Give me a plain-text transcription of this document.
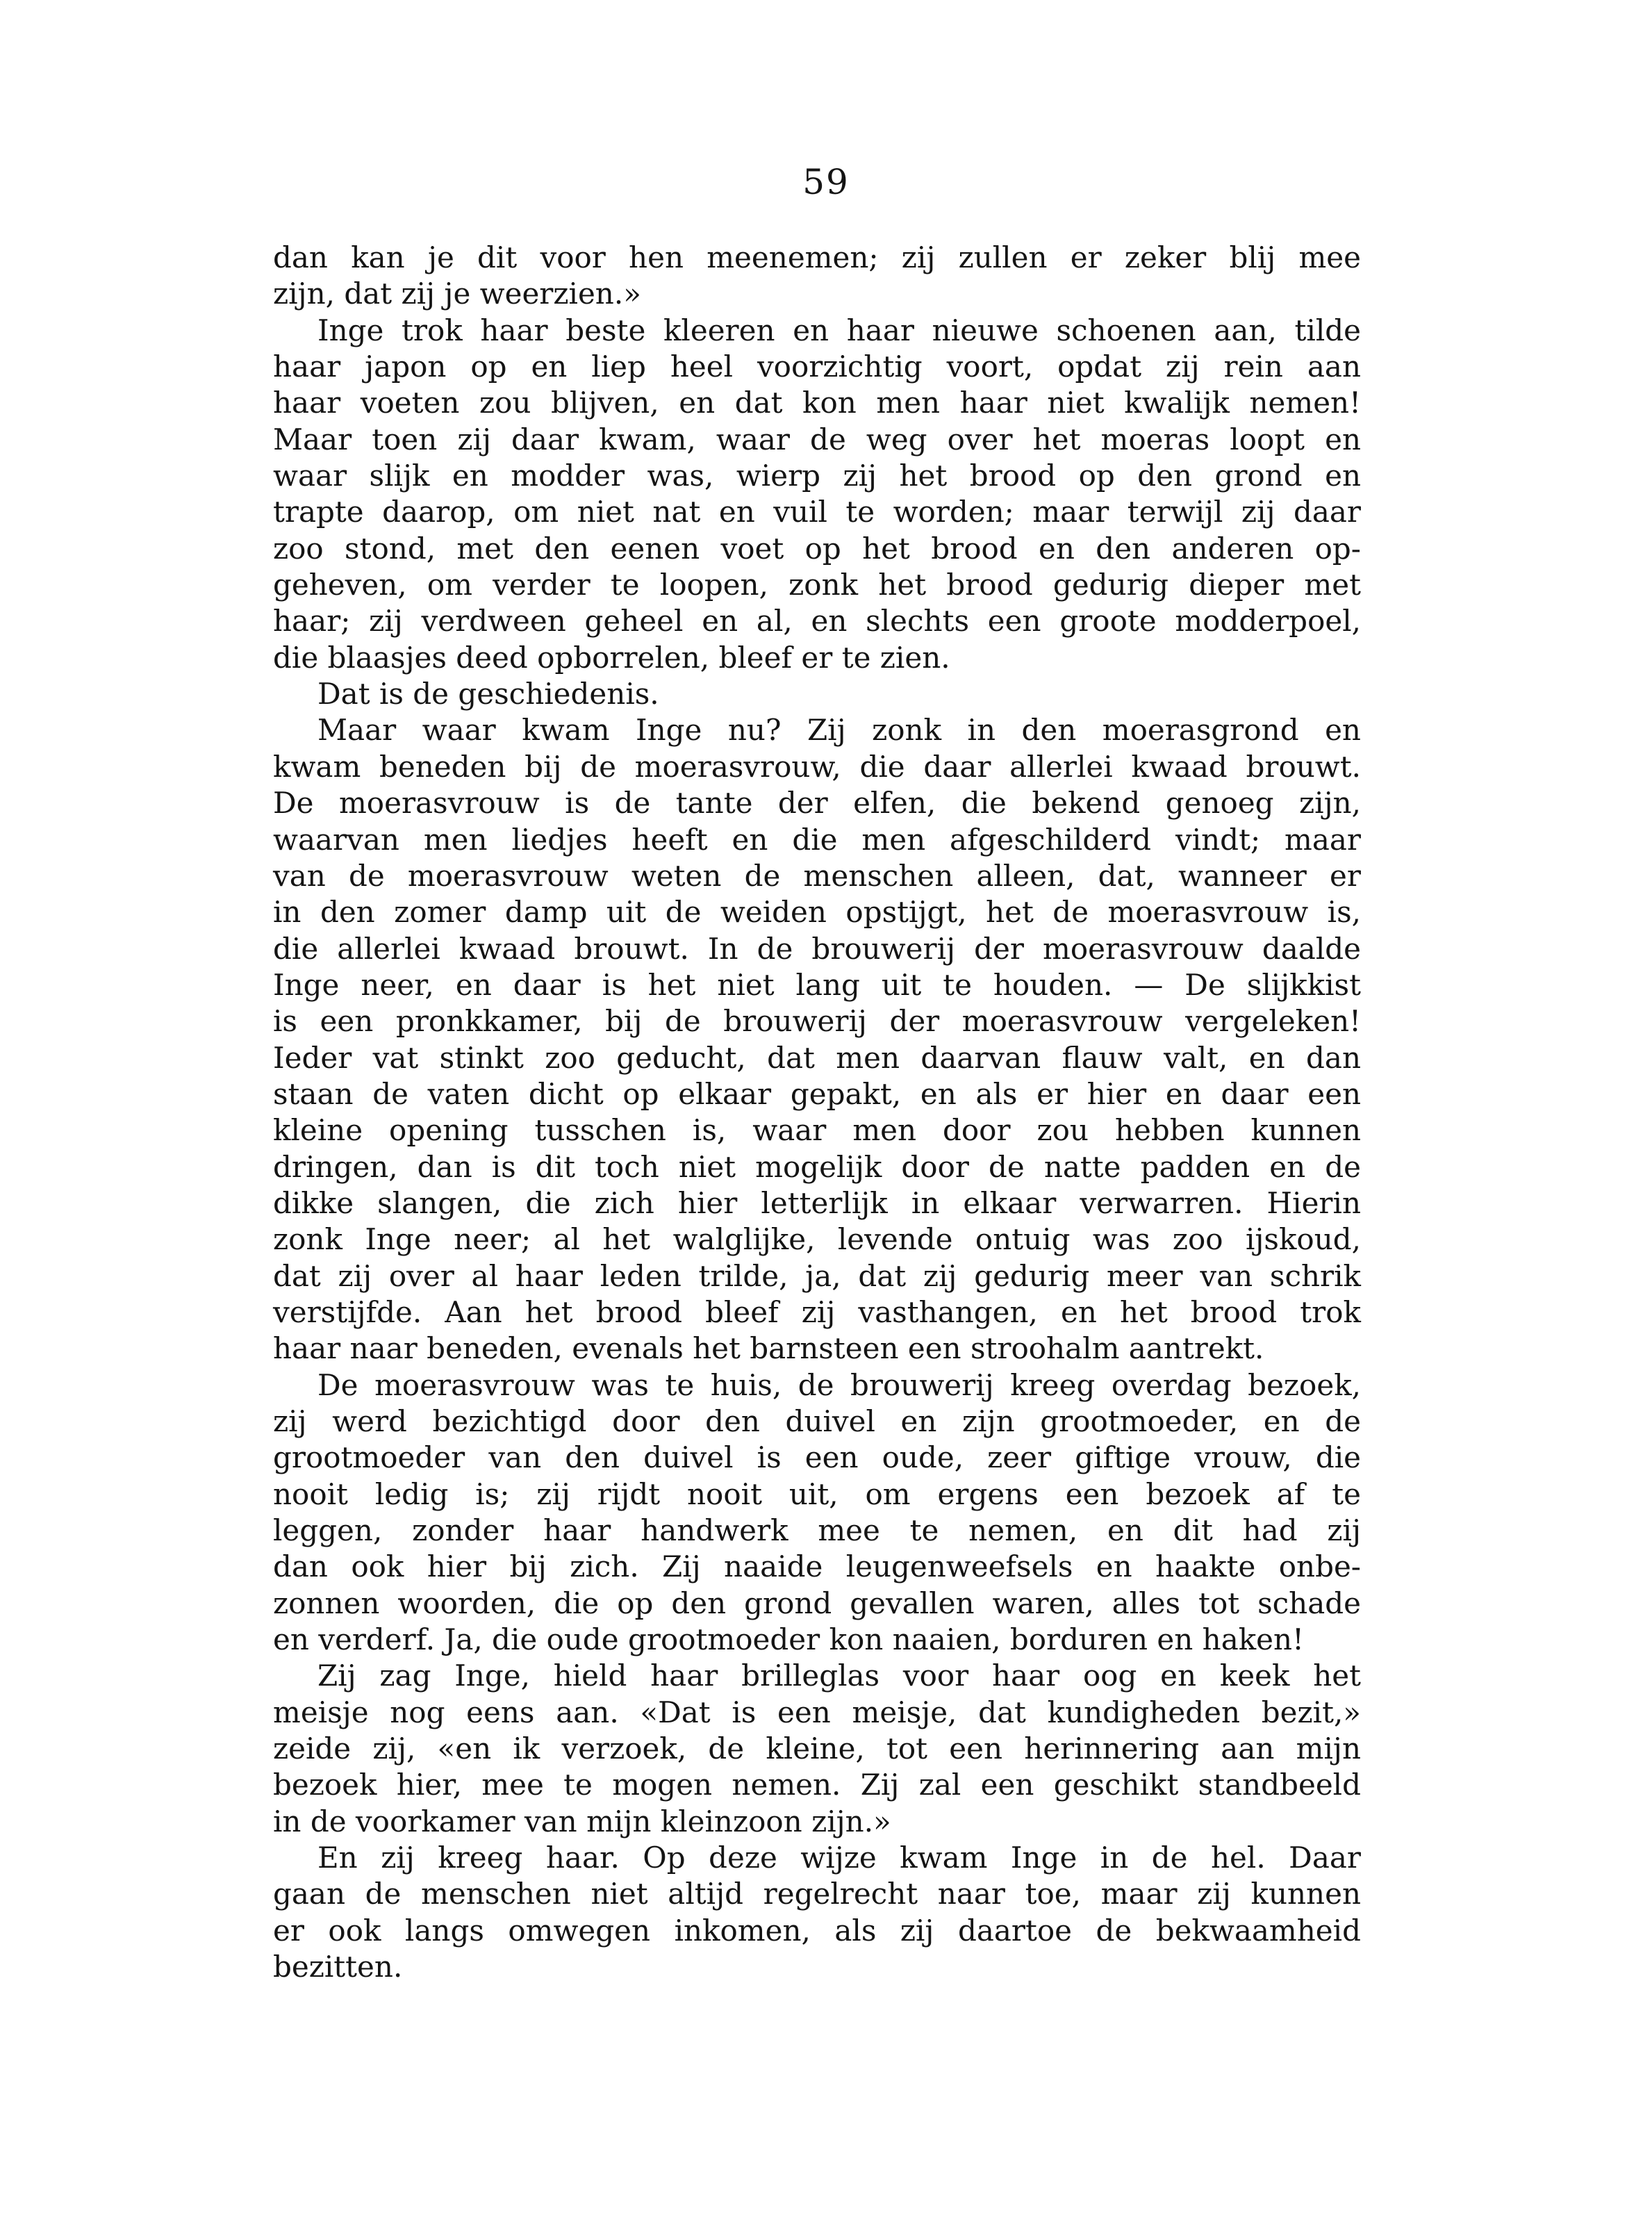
59
dan kan je dit voor hen meenemen; zij zullen er zeker blij mee
zijn, dat zij je weerzien.»
Inge trok haar beste kleeren en haar nieuwe schoenen aan, tilde
haar japon op en liep heel voorzichtig voort, opdat zij rein aan
haar voeten zou blijven, en dat kon men haar niet kwalijk nemen!
Maar toen zij daar kwam, waar de weg over het moeras loopt en
waar slijk en modder was, wierp zij het brood op den grond en
trapte daarop, om niet nat en vuil te worden; maar terwijl zij daar
zoo stond, met den eenen voet op het brood en den anderen op-
geheven, om verder te loopen, zonk het brood gedurig dieper met
haar; zij verdween geheel en al, en slechts een groote modderpoel,
die blaasjes deed opborrelen, bleef er te zien.
Dat is de geschiedenis.
Maar waar kwam Inge nu? Zij zonk in den moerasgrond en
kwam beneden bij de moerasvrouw, die daar allerlei kwaad brouwt.
De moerasvrouw is de tante der elfen, die bekend genoeg zijn,
waarvan men liedjes heeft en die men afgeschilderd vindt; maar
van de moerasvrouw weten de menschen alleen, dat, wanneer er
in den zomer damp uit de weiden opstijgt, het de moerasvrouw is,
die allerlei kwaad brouwt. In de brouwerij der moerasvrouw daalde
Inge neer, en daar is het niet lang uit te houden. — De slijkkist
is een pronkkamer, bij de brouwerij der moerasvrouw vergeleken!
Ieder vat stinkt zoo geducht, dat men daarvan flauw valt, en dan
staan de vaten dicht op elkaar gepakt, en als er hier en daar een
kleine opening tusschen is, waar men door zou hebben kunnen
dringen, dan is dit toch niet mogelijk door de natte padden en de
dikke slangen, die zich hier letterlijk in elkaar verwarren. Hierin
zonk Inge neer; al het walglijke, levende ontuig was zoo ijskoud,
dat zij over al haar leden trilde, ja, dat zij gedurig meer van schrik
verstijfde. Aan het brood bleef zij vasthangen, en het brood trok
haar naar beneden, evenals het barnsteen een stroohalm aantrekt.
De moerasvrouw was te huis, de brouwerij kreeg overdag bezoek,
zij werd bezichtigd door den duivel en zijn grootmoeder, en de
grootmoeder van den duivel is een oude, zeer giftige vrouw, die
nooit ledig is; zij rijdt nooit uit, om ergens een bezoek af te
leggen, zonder haar handwerk mee te nemen, en dit had zij
dan ook hier bij zich. Zij naaide leugenweefsels en haakte onbe-
zonnen woorden, die op den grond gevallen waren, alles tot schade
en verderf. Ja, die oude grootmoeder kon naaien, borduren en haken!
Zij zag Inge, hield haar brilleglas voor haar oog en keek het
meisje nog eens aan. «Dat is een meisje, dat kundigheden bezit,»
zeide zij, «en ik verzoek, de kleine, tot een herinnering aan mijn
bezoek hier, mee te mogen nemen. Zij zal een geschikt standbeeld
in de voorkamer van mijn kleinzoon zijn.»
En zij kreeg haar. Op deze wijze kwam Inge in de hel. Daar
gaan de menschen niet altijd regelrecht naar toe, maar zij kunnen
er ook langs omwegen inkomen, als zij daartoe de bekwaamheid
bezitten.
